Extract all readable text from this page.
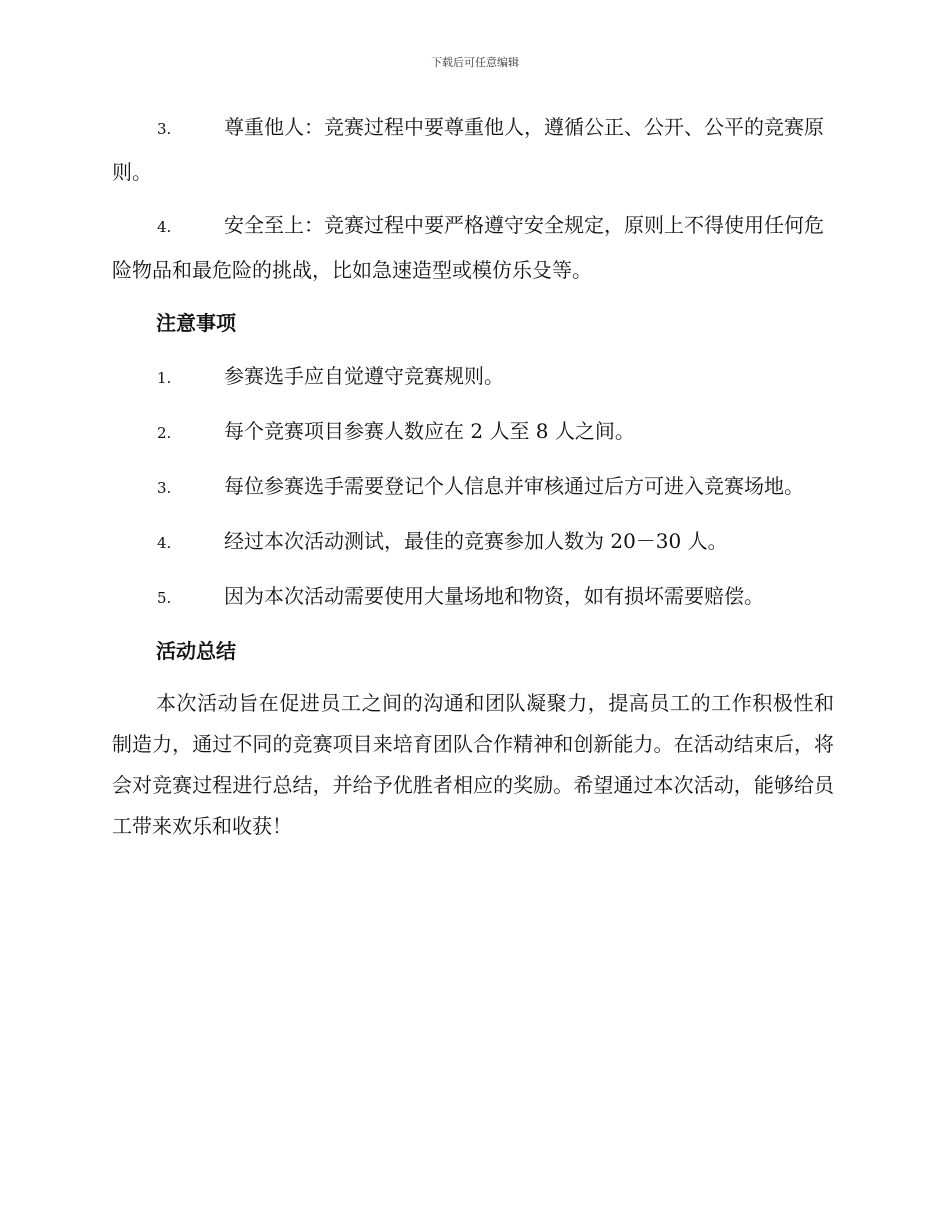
下载后可任意编辑
3.	尊重他人：竞赛过程中要尊重他人，遵循公正、公开、公平的竞赛原则。
4.	安全至上：竞赛过程中要严格遵守安全规定，原则上不得使用任何危险物品和最危险的挑战，比如急速造型或模仿乐殳等。
注意事项
1.	参赛选手应自觉遵守竞赛规则。
2.	每个竞赛项目参赛人数应在 2 人至 8 人之间。
3.	每位参赛选手需要登记个人信息并审核通过后方可进入竞赛场地。
4.	经过本次活动测试，最佳的竞赛参加人数为 20－30 人。
5.	因为本次活动需要使用大量场地和物资，如有损坏需要赔偿。
活动总结
本次活动旨在促进员工之间的沟通和团队凝聚力，提高员工的工作积极性和制造力，通过不同的竞赛项目来培育团队合作精神和创新能力。在活动结束后，将会对竞赛过程进行总结，并给予优胜者相应的奖励。希望通过本次活动，能够给员工带来欢乐和收获！
